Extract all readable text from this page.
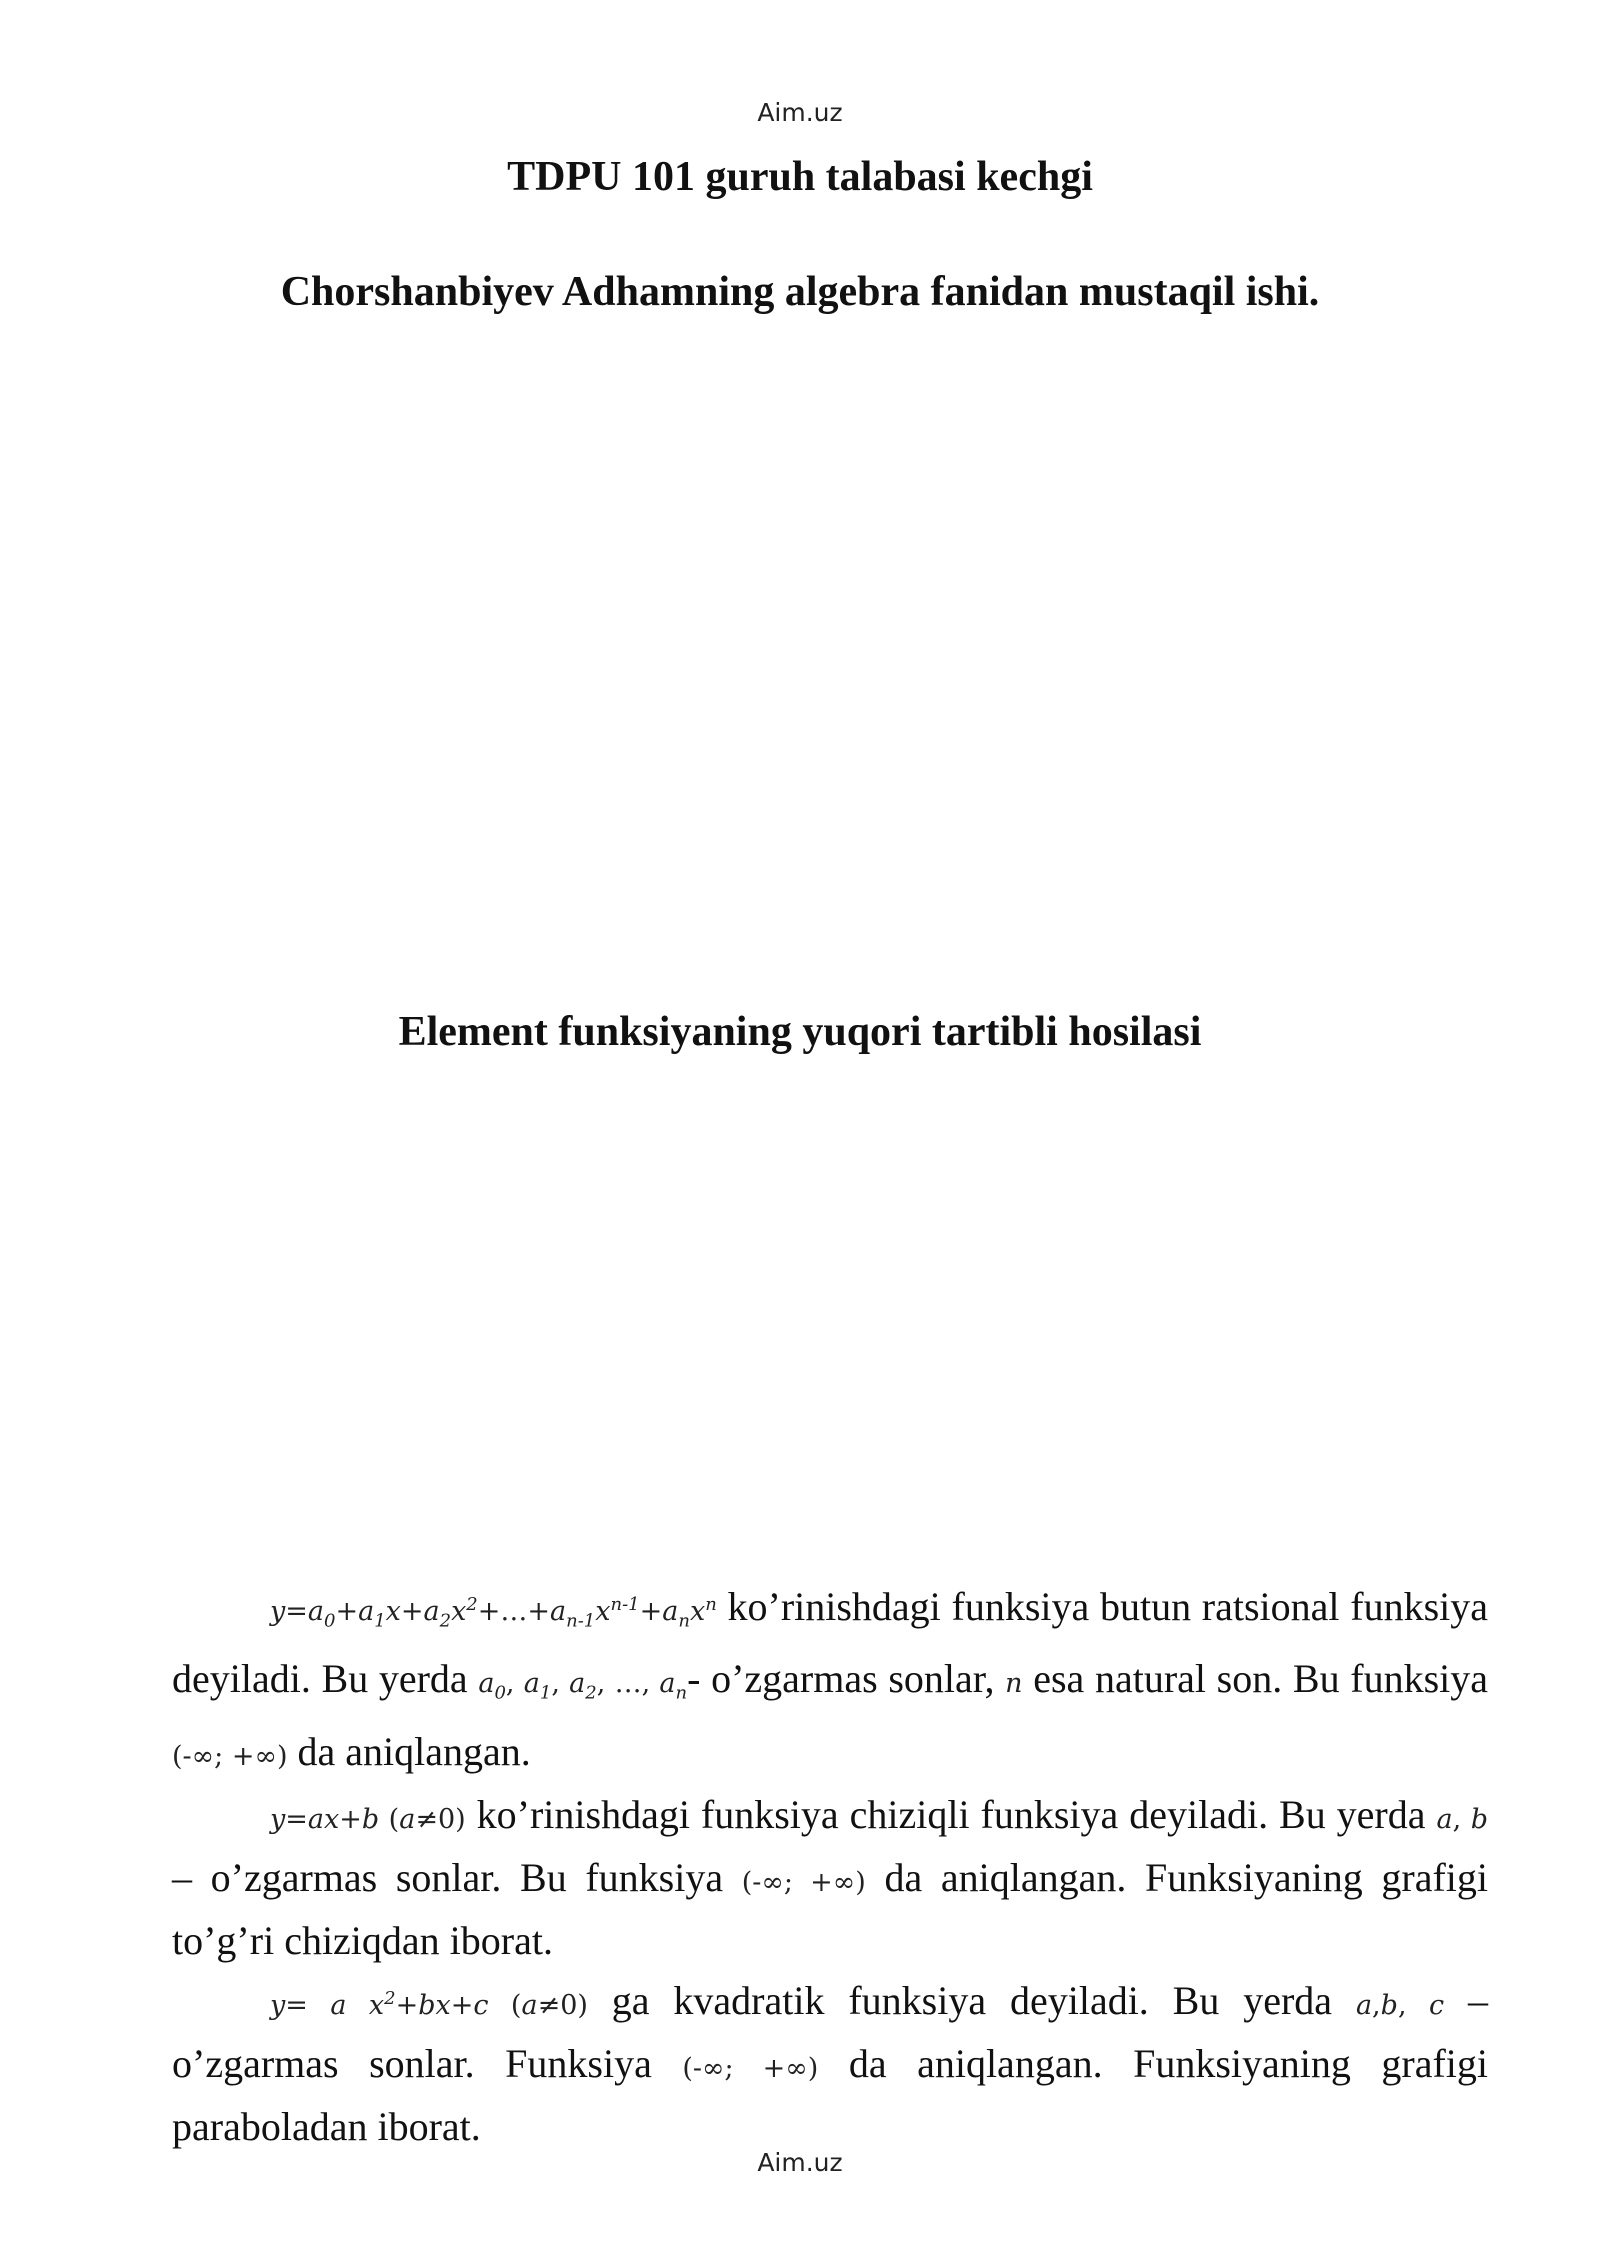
Aim.uz
TDPU 101 guruh talabasi kechgi
Chorshanbiyev Adhamning algebra fanidan mustaqil ishi.
Element funksiyaning yuqori tartibli hosilasi

$y=a_0+a_1x+a_2x^2+\dots+a_{n-1}x^{n-1}+a_nx^n$ ko’rinishdagi funksiya butun ratsional funksiya deyiladi. Bu yerda $a_0$, $a_1$, $a_2$, …, $a_n-$ o’zgarmas sonlar, n esa natural son. Bu funksiya (-∞; +∞) da aniqlangan.

y=ax+b (a≠0) ko’rinishdagi funksiya chiziqli funksiya deyiladi. Bu yerda a, b – o’zgarmas sonlar. Bu funksiya (-∞; +∞) da aniqlangan. Funksiyaning grafigi to’g’ri chiziqdan iborat.

y= a $x^2+bx+c$ (a≠0) ga kvadratik funksiya deyiladi. Bu yerda a,b, c – o’zgarmas sonlar. Funksiya (-∞; +∞) da aniqlangan. Funksiyaning grafigi paraboladan iborat.

Aim.uz
